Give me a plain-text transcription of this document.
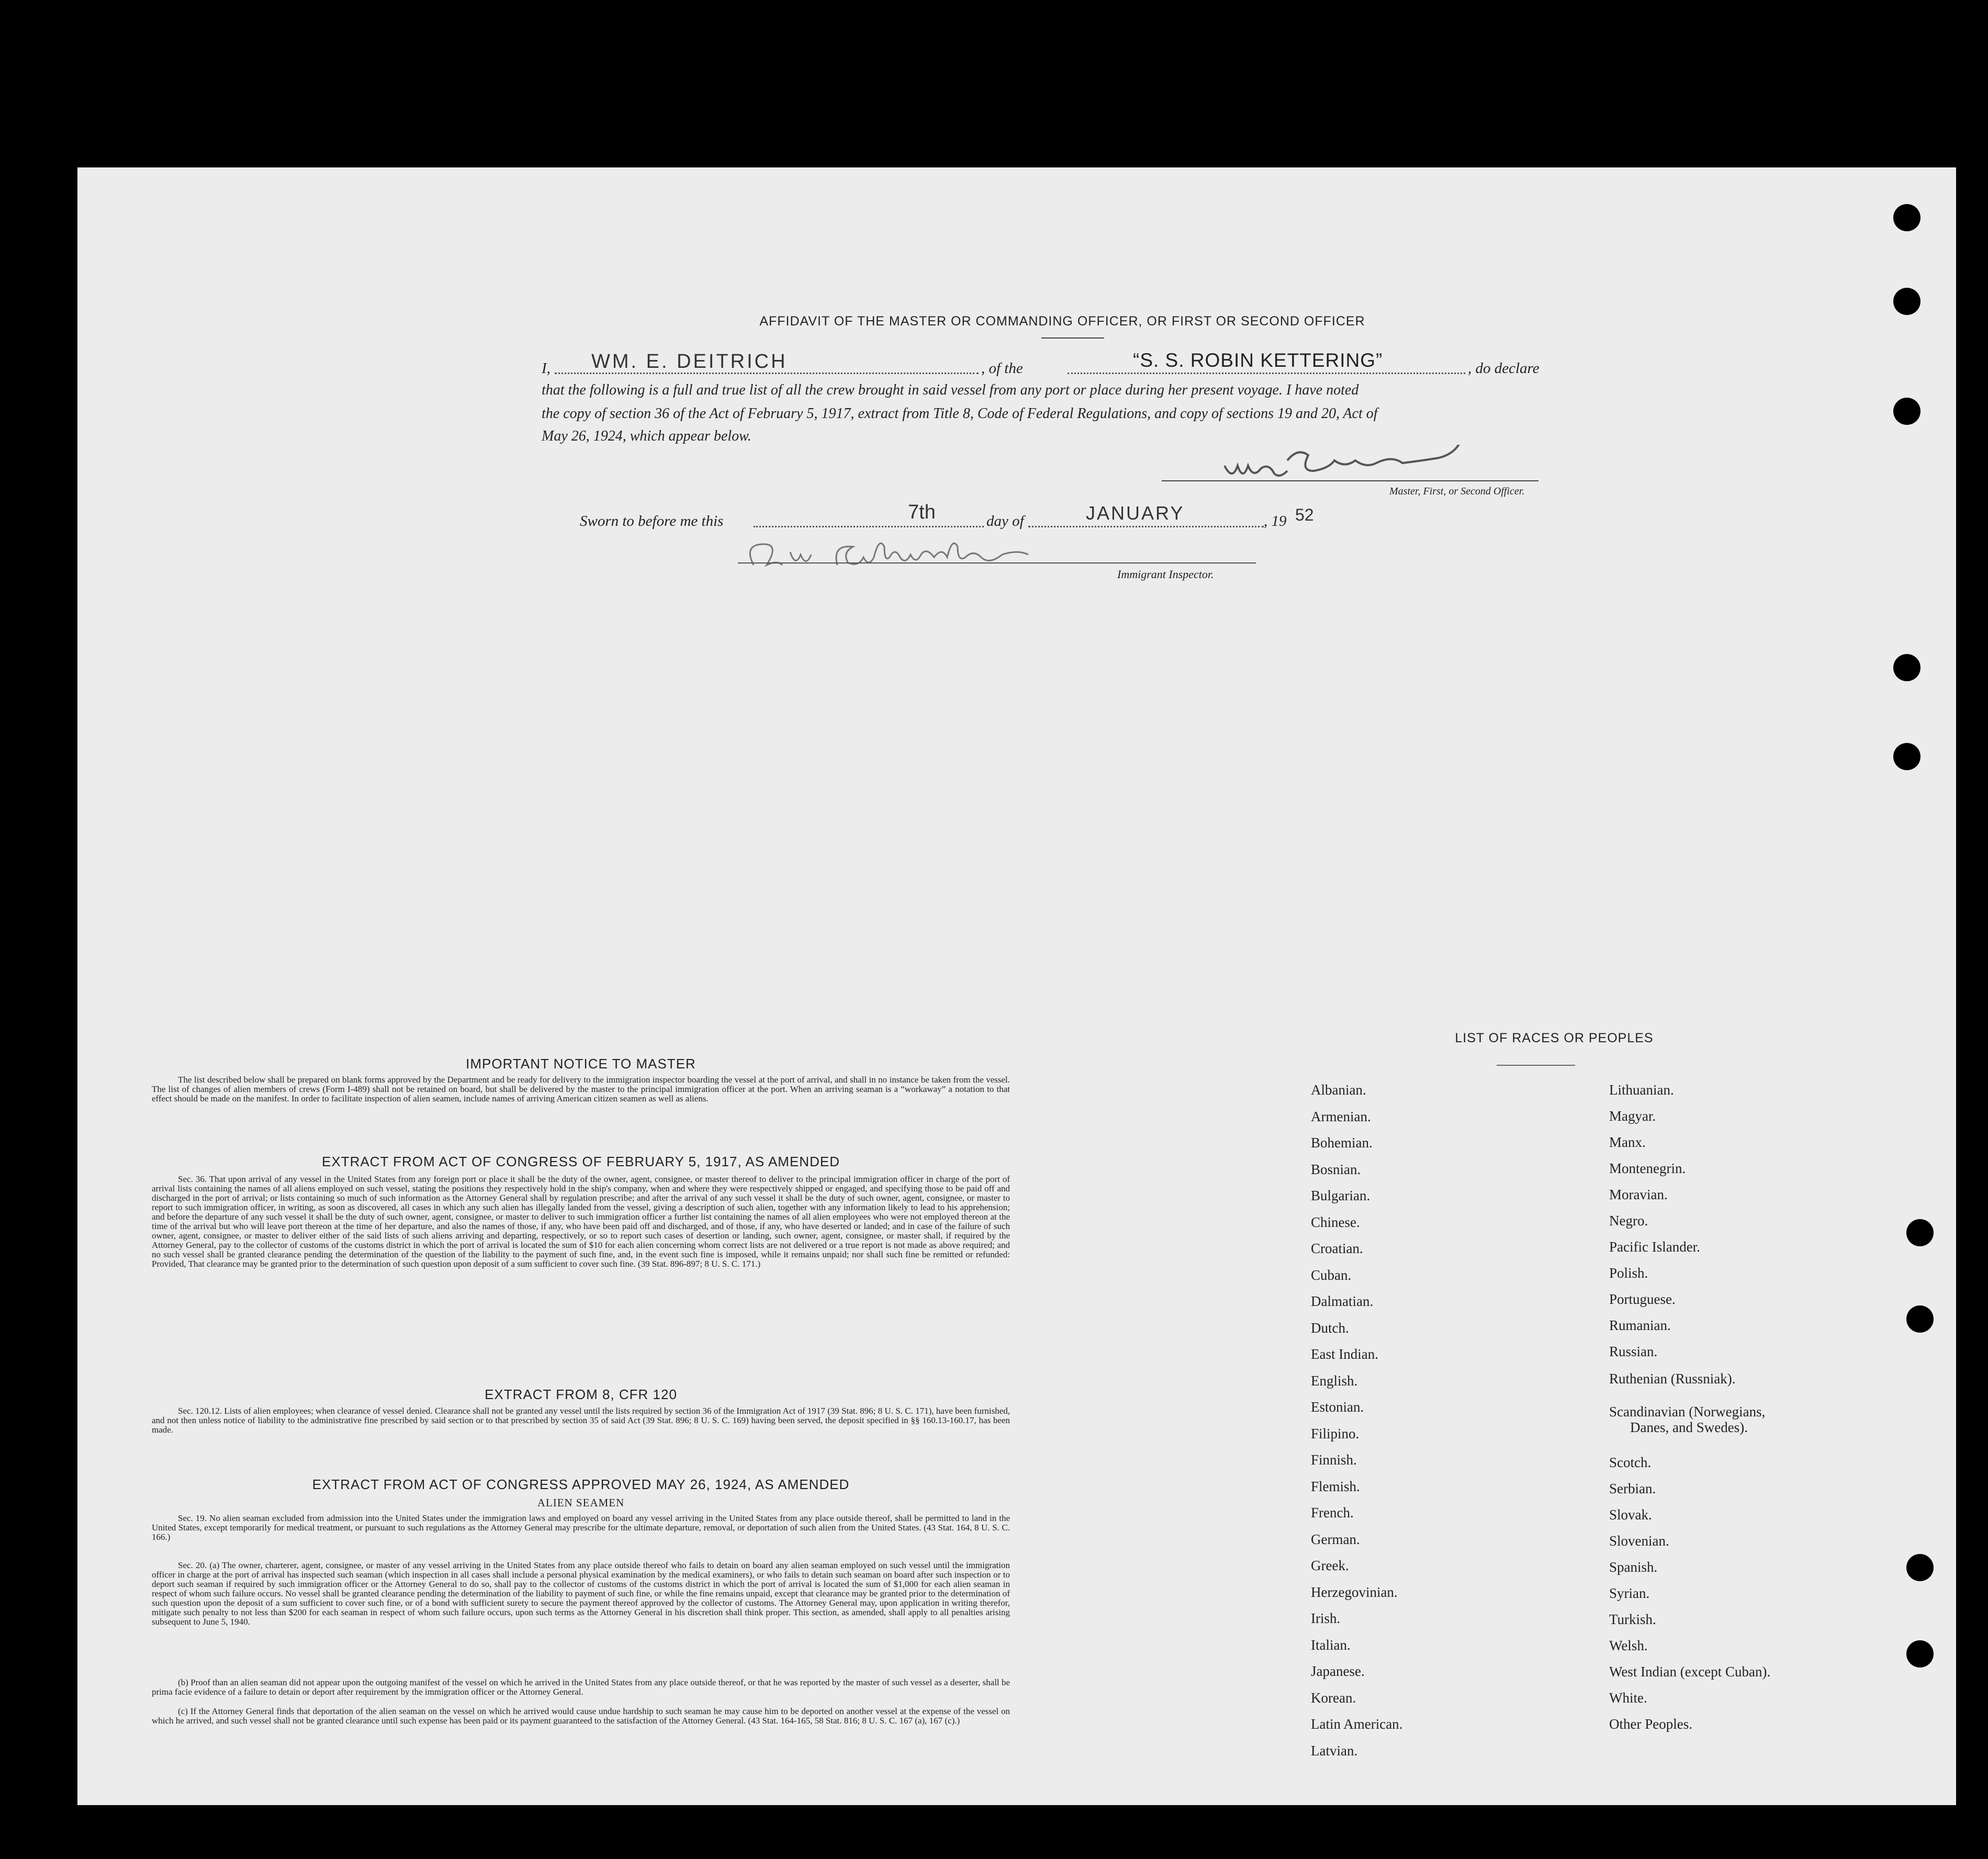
AFFIDAVIT OF THE MASTER OR COMMANDING OFFICER, OR FIRST OR SECOND OFFICER
I, WM. E. DEITRICH	, of the	“S. S. ROBIN KETTERING”	, do declare
that the following is a full and true list of all the crew brought in said vessel from any port or place during her present voyage. I have noted
the copy of section 36 of the Act of February 5, 1917, extract from Title 8, Code of Federal Regulations, and copy of sections 19 and 20, Act of
May 26, 1924, which appear below.
Master, First, or Second Officer.
Sworn to before me this	7th	day of	JANUARY	, 19 52
Immigrant Inspector.
IMPORTANT NOTICE TO MASTER
The list described below shall be prepared on blank forms approved by the Department and be ready for delivery to the immigration inspector boarding the vessel at the port of arrival, and shall in no instance be taken from the vessel. The list of changes of alien members of crews (Form I-489) shall not be retained on board, but shall be delivered by the master to the principal immigration officer at the port. When an arriving seaman is a “workaway” a notation to that effect should be made on the manifest. In order to facilitate inspection of alien seamen, include names of arriving American citizen seamen as well as aliens.
EXTRACT FROM ACT OF CONGRESS OF FEBRUARY 5, 1917, AS AMENDED
Sec. 36. That upon arrival of any vessel in the United States from any foreign port or place it shall be the duty of the owner, agent, consignee, or master thereof to deliver to the principal immigration officer in charge of the port of arrival lists containing the names of all aliens employed on such vessel, stating the positions they respectively hold in the ship's company, when and where they were respectively shipped or engaged, and specifying those to be paid off and discharged in the port of arrival; or lists containing so much of such information as the Attorney General shall by regulation prescribe; and after the arrival of any such vessel it shall be the duty of such owner, agent, consignee, or master to report to such immigration officer, in writing, as soon as discovered, all cases in which any such alien has illegally landed from the vessel, giving a description of such alien, together with any information likely to lead to his apprehension; and before the departure of any such vessel it shall be the duty of such owner, agent, consignee, or master to deliver to such immigration officer a further list containing the names of all alien employees who were not employed thereon at the time of the arrival but who will leave port thereon at the time of her departure, and also the names of those, if any, who have been paid off and discharged, and of those, if any, who have deserted or landed; and in case of the failure of such owner, agent, consignee, or master to deliver either of the said lists of such aliens arriving and departing, respectively, or so to report such cases of desertion or landing, such owner, agent, consignee, or master shall, if required by the Attorney General, pay to the collector of customs of the customs district in which the port of arrival is located the sum of $10 for each alien concerning whom correct lists are not delivered or a true report is not made as above required; and no such vessel shall be granted clearance pending the determination of the question of the liability to the payment of such fine, and, in the event such fine is imposed, while it remains unpaid; nor shall such fine be remitted or refunded: Provided, That clearance may be granted prior to the determination of such question upon deposit of a sum sufficient to cover such fine. (39 Stat. 896-897; 8 U. S. C. 171.)
EXTRACT FROM 8, CFR 120
Sec. 120.12. Lists of alien employees; when clearance of vessel denied. Clearance shall not be granted any vessel until the lists required by section 36 of the Immigration Act of 1917 (39 Stat. 896; 8 U. S. C. 171), have been furnished, and not then unless notice of liability to the administrative fine prescribed by said section or to that prescribed by section 35 of said Act (39 Stat. 896; 8 U. S. C. 169) having been served, the deposit specified in §§ 160.13-160.17, has been made.
EXTRACT FROM ACT OF CONGRESS APPROVED MAY 26, 1924, AS AMENDED
ALIEN SEAMEN
Sec. 19. No alien seaman excluded from admission into the United States under the immigration laws and employed on board any vessel arriving in the United States from any place outside thereof, shall be permitted to land in the United States, except temporarily for medical treatment, or pursuant to such regulations as the Attorney General may prescribe for the ultimate departure, removal, or deportation of such alien from the United States. (43 Stat. 164, 8 U. S. C. 166.)
Sec. 20. (a) The owner, charterer, agent, consignee, or master of any vessel arriving in the United States from any place outside thereof who fails to detain on board any alien seaman employed on such vessel until the immigration officer in charge at the port of arrival has inspected such seaman (which inspection in all cases shall include a personal physical examination by the medical examiners), or who fails to detain such seaman on board after such inspection or to deport such seaman if required by such immigration officer or the Attorney General to do so, shall pay to the collector of customs of the customs district in which the port of arrival is located the sum of $1,000 for each alien seaman in respect of whom such failure occurs. No vessel shall be granted clearance pending the determination of the liability to payment of such fine, or while the fine remains unpaid, except that clearance may be granted prior to the determination of such question upon the deposit of a sum sufficient to cover such fine, or of a bond with sufficient surety to secure the payment thereof approved by the collector of customs. The Attorney General may, upon application in writing therefor, mitigate such penalty to not less than $200 for each seaman in respect of whom such failure occurs, upon such terms as the Attorney General in his discretion shall think proper. This section, as amended, shall apply to all penalties arising subsequent to June 5, 1940.
(b) Proof than an alien seaman did not appear upon the outgoing manifest of the vessel on which he arrived in the United States from any place outside thereof, or that he was reported by the master of such vessel as a deserter, shall be prima facie evidence of a failure to detain or deport after requirement by the immigration officer or the Attorney General.
(c) If the Attorney General finds that deportation of the alien seaman on the vessel on which he arrived would cause undue hardship to such seaman he may cause him to be deported on another vessel at the expense of the vessel on which he arrived, and such vessel shall not be granted clearance until such expense has been paid or its payment guaranteed to the satisfaction of the Attorney General. (43 Stat. 164-165, 58 Stat. 816; 8 U. S. C. 167 (a), 167 (c).)
LIST OF RACES OR PEOPLES
Albanian.
Armenian.
Bohemian.
Bosnian.
Bulgarian.
Chinese.
Croatian.
Cuban.
Dalmatian.
Dutch.
East Indian.
English.
Estonian.
Filipino.
Finnish.
Flemish.
French.
German.
Greek.
Herzegovinian.
Irish.
Italian.
Japanese.
Korean.
Latin American.
Latvian.
Lithuanian.
Magyar.
Manx.
Montenegrin.
Moravian.
Negro.
Pacific Islander.
Polish.
Portuguese.
Rumanian.
Russian.
Ruthenian (Russniak).
Scandinavian (Norwegians,
Danes, and Swedes).
Scotch.
Serbian.
Slovak.
Slovenian.
Spanish.
Syrian.
Turkish.
Welsh.
West Indian (except Cuban).
White.
Other Peoples.
